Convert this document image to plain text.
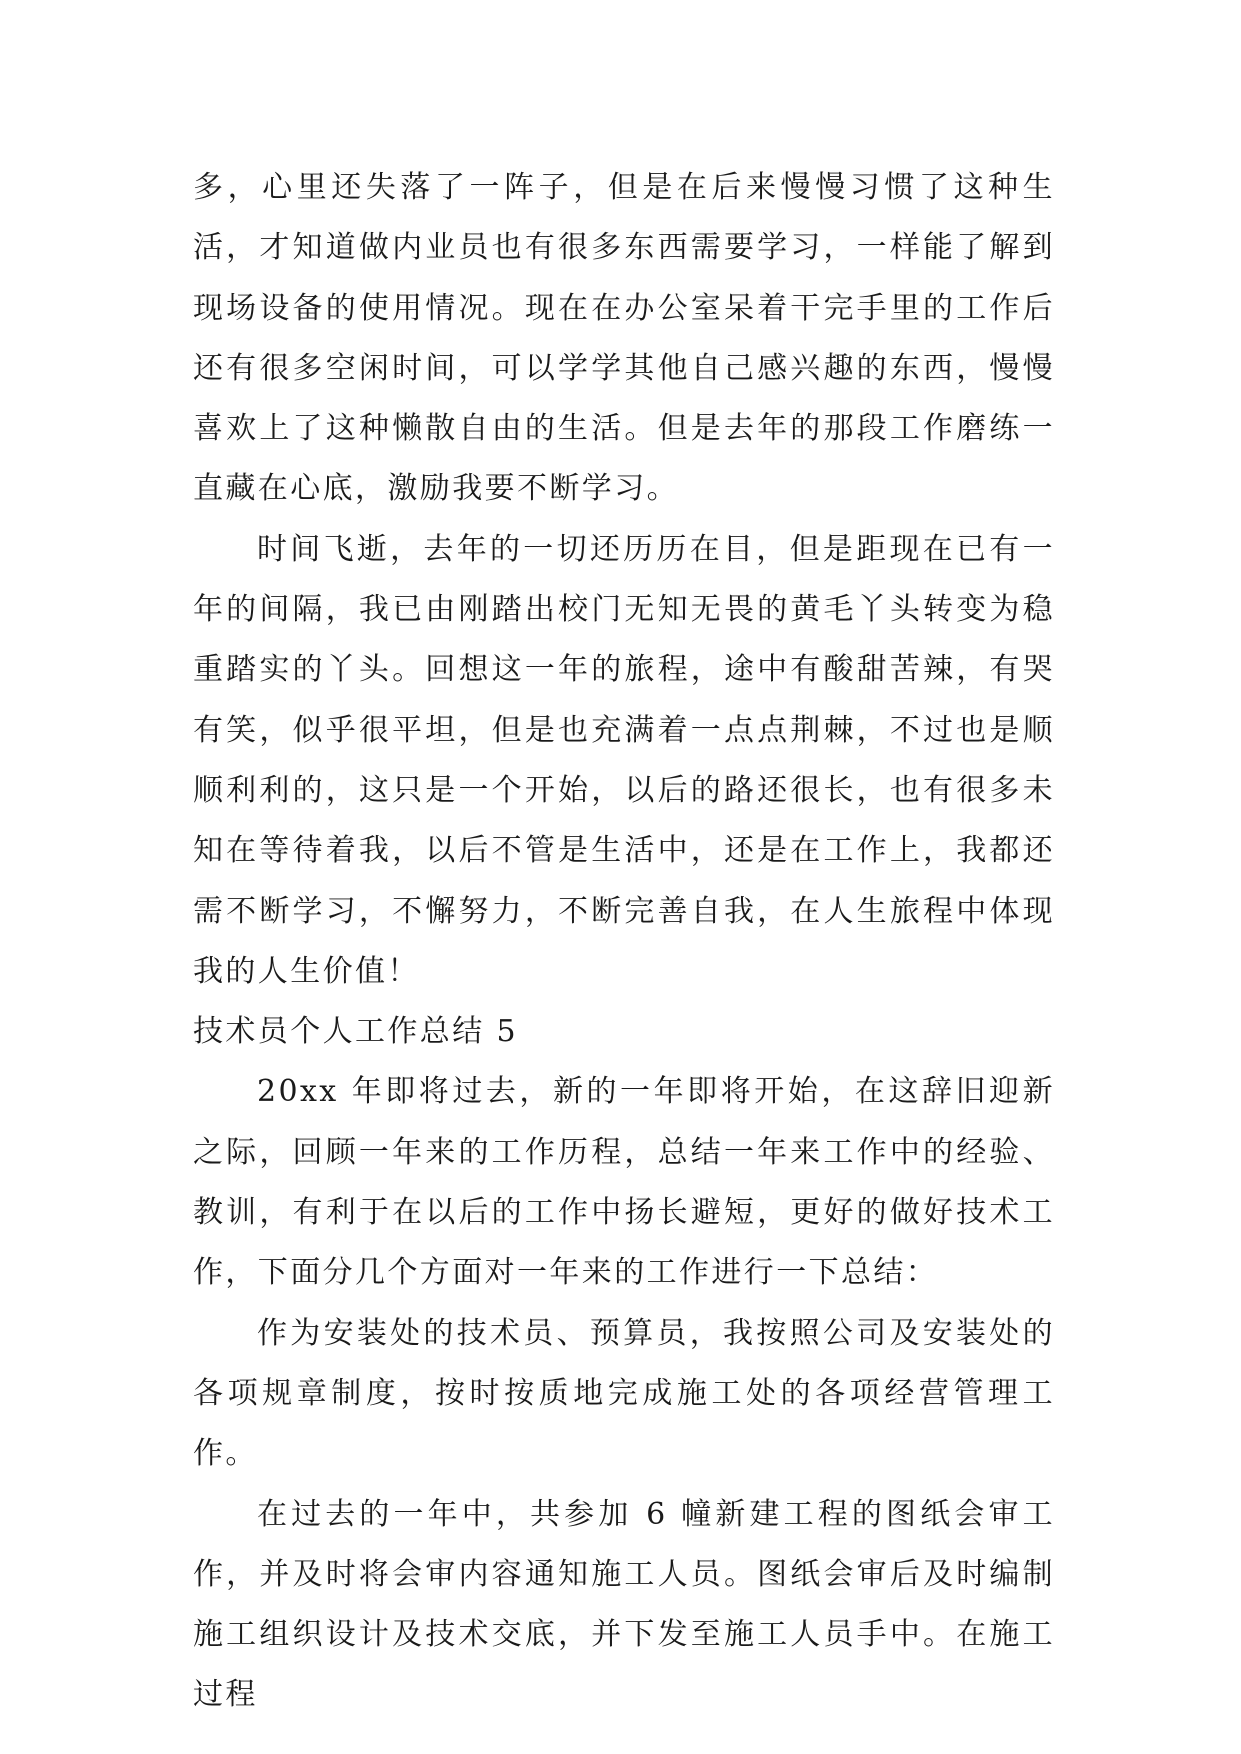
多，心里还失落了一阵子，但是在后来慢慢习惯了这种生活，才知道做内业员也有很多东西需要学习，一样能了解到现场设备的使用情况。现在在办公室呆着干完手里的工作后还有很多空闲时间，可以学学其他自己感兴趣的东西，慢慢喜欢上了这种懒散自由的生活。但是去年的那段工作磨练一直藏在心底，激励我要不断学习。

时间飞逝，去年的一切还历历在目，但是距现在已有一年的间隔，我已由刚踏出校门无知无畏的黄毛丫头转变为稳重踏实的丫头。回想这一年的旅程，途中有酸甜苦辣，有哭有笑，似乎很平坦，但是也充满着一点点荆棘，不过也是顺顺利利的，这只是一个开始，以后的路还很长，也有很多未知在等待着我，以后不管是生活中，还是在工作上，我都还需不断学习，不懈努力，不断完善自我，在人生旅程中体现我的人生价值！

技术员个人工作总结 5

20xx 年即将过去，新的一年即将开始，在这辞旧迎新之际，回顾一年来的工作历程，总结一年来工作中的经验、教训，有利于在以后的工作中扬长避短，更好的做好技术工作，下面分几个方面对一年来的工作进行一下总结：

作为安装处的技术员、预算员，我按照公司及安装处的各项规章制度，按时按质地完成施工处的各项经营管理工作。

在过去的一年中，共参加 6 幢新建工程的图纸会审工作，并及时将会审内容通知施工人员。图纸会审后及时编制施工组织设计及技术交底，并下发至施工人员手中。在施工过程
